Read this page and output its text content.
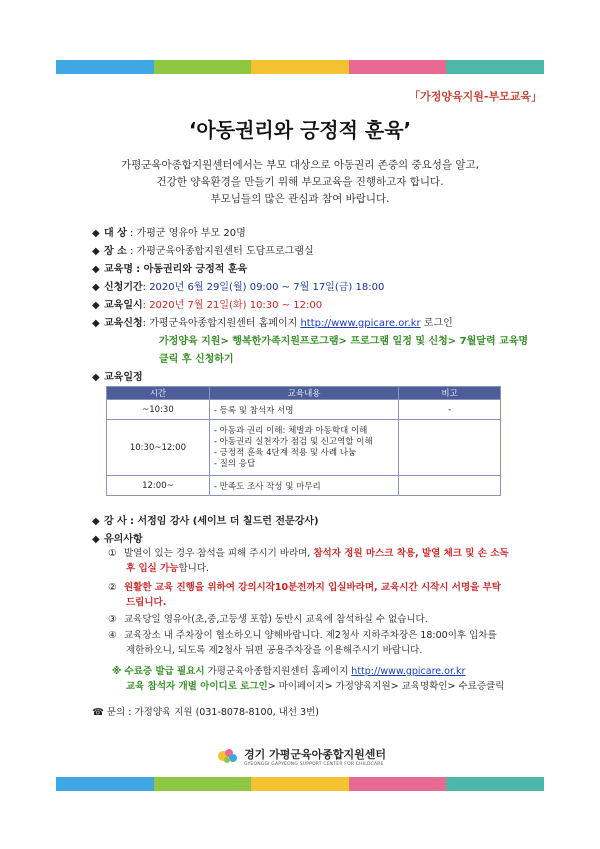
「가정양육지원-부모교육」
‘아동권리와 긍정적 훈육’
가평군육아종합지원센터에서는 부모 대상으로 아동권리 존중의 중요성을 알고,
건강한 양육환경을 만들기 위해 부모교육을 진행하고자 합니다.
부모님들의 많은 관심과 참여 바랍니다.
◆ 대 상 : 가평군 영유아 부모 20명
◆ 장 소 : 가평군육아종합지원센터 도담프로그램실
◆ 교육명 : 아동권리와 긍정적 훈육
◆ 신청기간: 2020년 6월 29일(월) 09:00 ~ 7월 17일(금) 18:00
◆ 교육일시: 2020년 7월 21일(화) 10:30 ~ 12:00
◆ 교육신청: 가평군육아종합지원센터 홈페이지 http://www.gpicare.or.kr 로그인
가정양육 지원> 행복한가족지원프로그램> 프로그램 일정 및 신청> 7월달력 교육명
클릭 후 신청하기
◆ 교육일정
시간	교육내용	비고
~10:30	- 등록 및 참석자 서명	-
10:30~12:00	- 아동과 권리 이해: 체벌과 아동학대 이해
- 아동권리 실천자가 점검 및 신고역할 이해
- 긍정적 훈육 4단계 적용 및 사례 나눔
- 질의 응답	

12:00~	- 만족도 조사 작성 및 마무리	
◆ 강 사 : 서정임 강사 (세이브 더 칠드런 전문강사)
◆ 유의사항
① 발열이 있는 경우 참석을 피해 주시기 바라며, 참석자 정원 마스크 착용, 발열 체크 및 손 소독
후 입실 가능합니다.
② 원활한 교육 진행을 위하여 강의시작10분전까지 입실바라며, 교육시간 시작시 서명을 부탁
드립니다.
③ 교육당일 영유아(초,중,고등생 포함) 동반시 교육에 참석하실 수 없습니다.
④ 교육장소 내 주차장이 협소하오니 양해바랍니다. 제2청사 지하주차장은 18:00이후 입차를
제한하오니, 되도록 제2청사 뒤편 공용주차장을 이용해주시기 바랍니다.
※ 수료증 발급 필요시 가평군육아종합지원센터 홈페이지 http://www.gpicare.or.kr
교육 참석자 개별 아이디로 로그인> 마이페이지> 가정양육지원> 교육명확인> 수료증클릭
☎ 문의 : 가정양육 지원 (031-8078-8100, 내선 3번)
경기 가평군육아종합지원센터
GYEONGGI GAPYEONG SUPPORT CENTER FOR CHILDCARE
